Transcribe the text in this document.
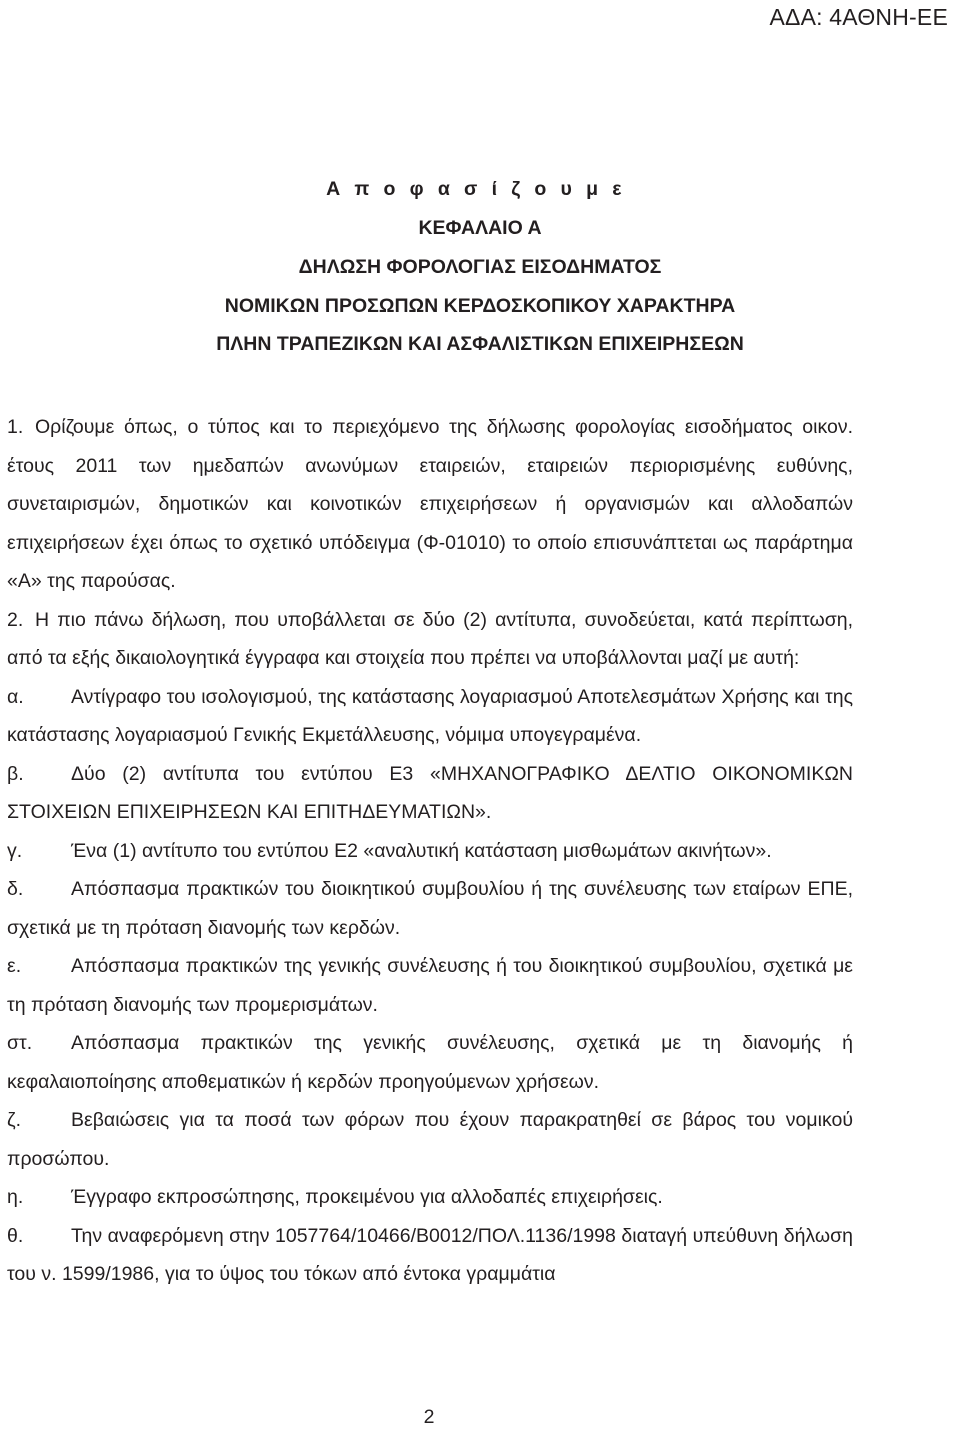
ΑΔΑ: 4ΑΘΝΗ-ΕΕ
Α π ο φ α σ ί ζ ο υ μ ε
ΚΕΦΑΛΑΙΟ Α
ΔΗΛΩΣΗ ΦΟΡΟΛΟΓΙΑΣ ΕΙΣΟΔΗΜΑΤΟΣ
ΝΟΜΙΚΩΝ ΠΡΟΣΩΠΩΝ ΚΕΡΔΟΣΚΟΠΙΚΟΥ ΧΑΡΑΚΤΗΡΑ
ΠΛΗΝ ΤΡΑΠΕΖΙΚΩΝ ΚΑΙ ΑΣΦΑΛΙΣΤΙΚΩΝ ΕΠΙΧΕΙΡΗΣΕΩΝ

1. Ορίζουμε όπως, ο τύπος και το περιεχόμενο της δήλωσης φορολογίας εισοδήματος οικον. έτους 2011 των ημεδαπών ανωνύμων εταιρειών, εταιρειών περιορισμένης ευθύνης, συνεταιρισμών, δημοτικών και κοινοτικών επιχειρήσεων ή οργανισμών και αλλοδαπών επιχειρήσεων έχει όπως το σχετικό υπόδειγμα (Φ-01010) το οποίο επισυνάπτεται ως παράρτημα «Α» της παρούσας.

2. Η πιο πάνω δήλωση, που υποβάλλεται σε δύο (2) αντίτυπα, συνοδεύεται, κατά περίπτωση, από τα εξής δικαιολογητικά έγγραφα και στοιχεία που πρέπει να υποβάλλονται μαζί με αυτή:

α. Αντίγραφο του ισολογισμού, της κατάστασης λογαριασμού Αποτελεσμάτων Χρήσης και της κατάστασης λογαριασμού Γενικής Εκμετάλλευσης, νόμιμα υπογεγραμένα.

β. Δύο (2) αντίτυπα του εντύπου Ε3 «ΜΗΧΑΝΟΓΡΑΦΙΚΟ ΔΕΛΤΙΟ ΟΙΚΟΝΟΜΙΚΩΝ ΣΤΟΙΧΕΙΩΝ ΕΠΙΧΕΙΡΗΣΕΩΝ ΚΑΙ ΕΠΙΤΗΔΕΥΜΑΤΙΩΝ».

γ.	Ένα (1) αντίτυπο του εντύπου Ε2 «αναλυτική κατάσταση μισθωμάτων ακινήτων».

δ. Απόσπασμα πρακτικών του διοικητικού συμβουλίου ή της συνέλευσης των εταίρων ΕΠΕ, σχετικά με τη πρόταση διανομής των κερδών.

ε.	Απόσπασμα πρακτικών της γενικής συνέλευσης ή του διοικητικού συμβουλίου, σχετικά με τη πρόταση διανομής των προμερισμάτων.

στ. Απόσπασμα πρακτικών της γενικής συνέλευσης, σχετικά με τη διανομής ή κεφαλαιοποίησης αποθεματικών ή κερδών προηγούμενων χρήσεων.

ζ.	Βεβαιώσεις για τα ποσά των φόρων που έχουν παρακρατηθεί σε βάρος του νομικού προσώπου.

η. Έγγραφο εκπροσώπησης, προκειμένου για αλλοδαπές επιχειρήσεις.

θ. Την αναφερόμενη στην 1057764/10466/Β0012/ΠΟΛ.1136/1998 διαταγή υπεύθυνη δήλωση του ν. 1599/1986, για το ύψος του τόκων από έντοκα γραμμάτια

2
